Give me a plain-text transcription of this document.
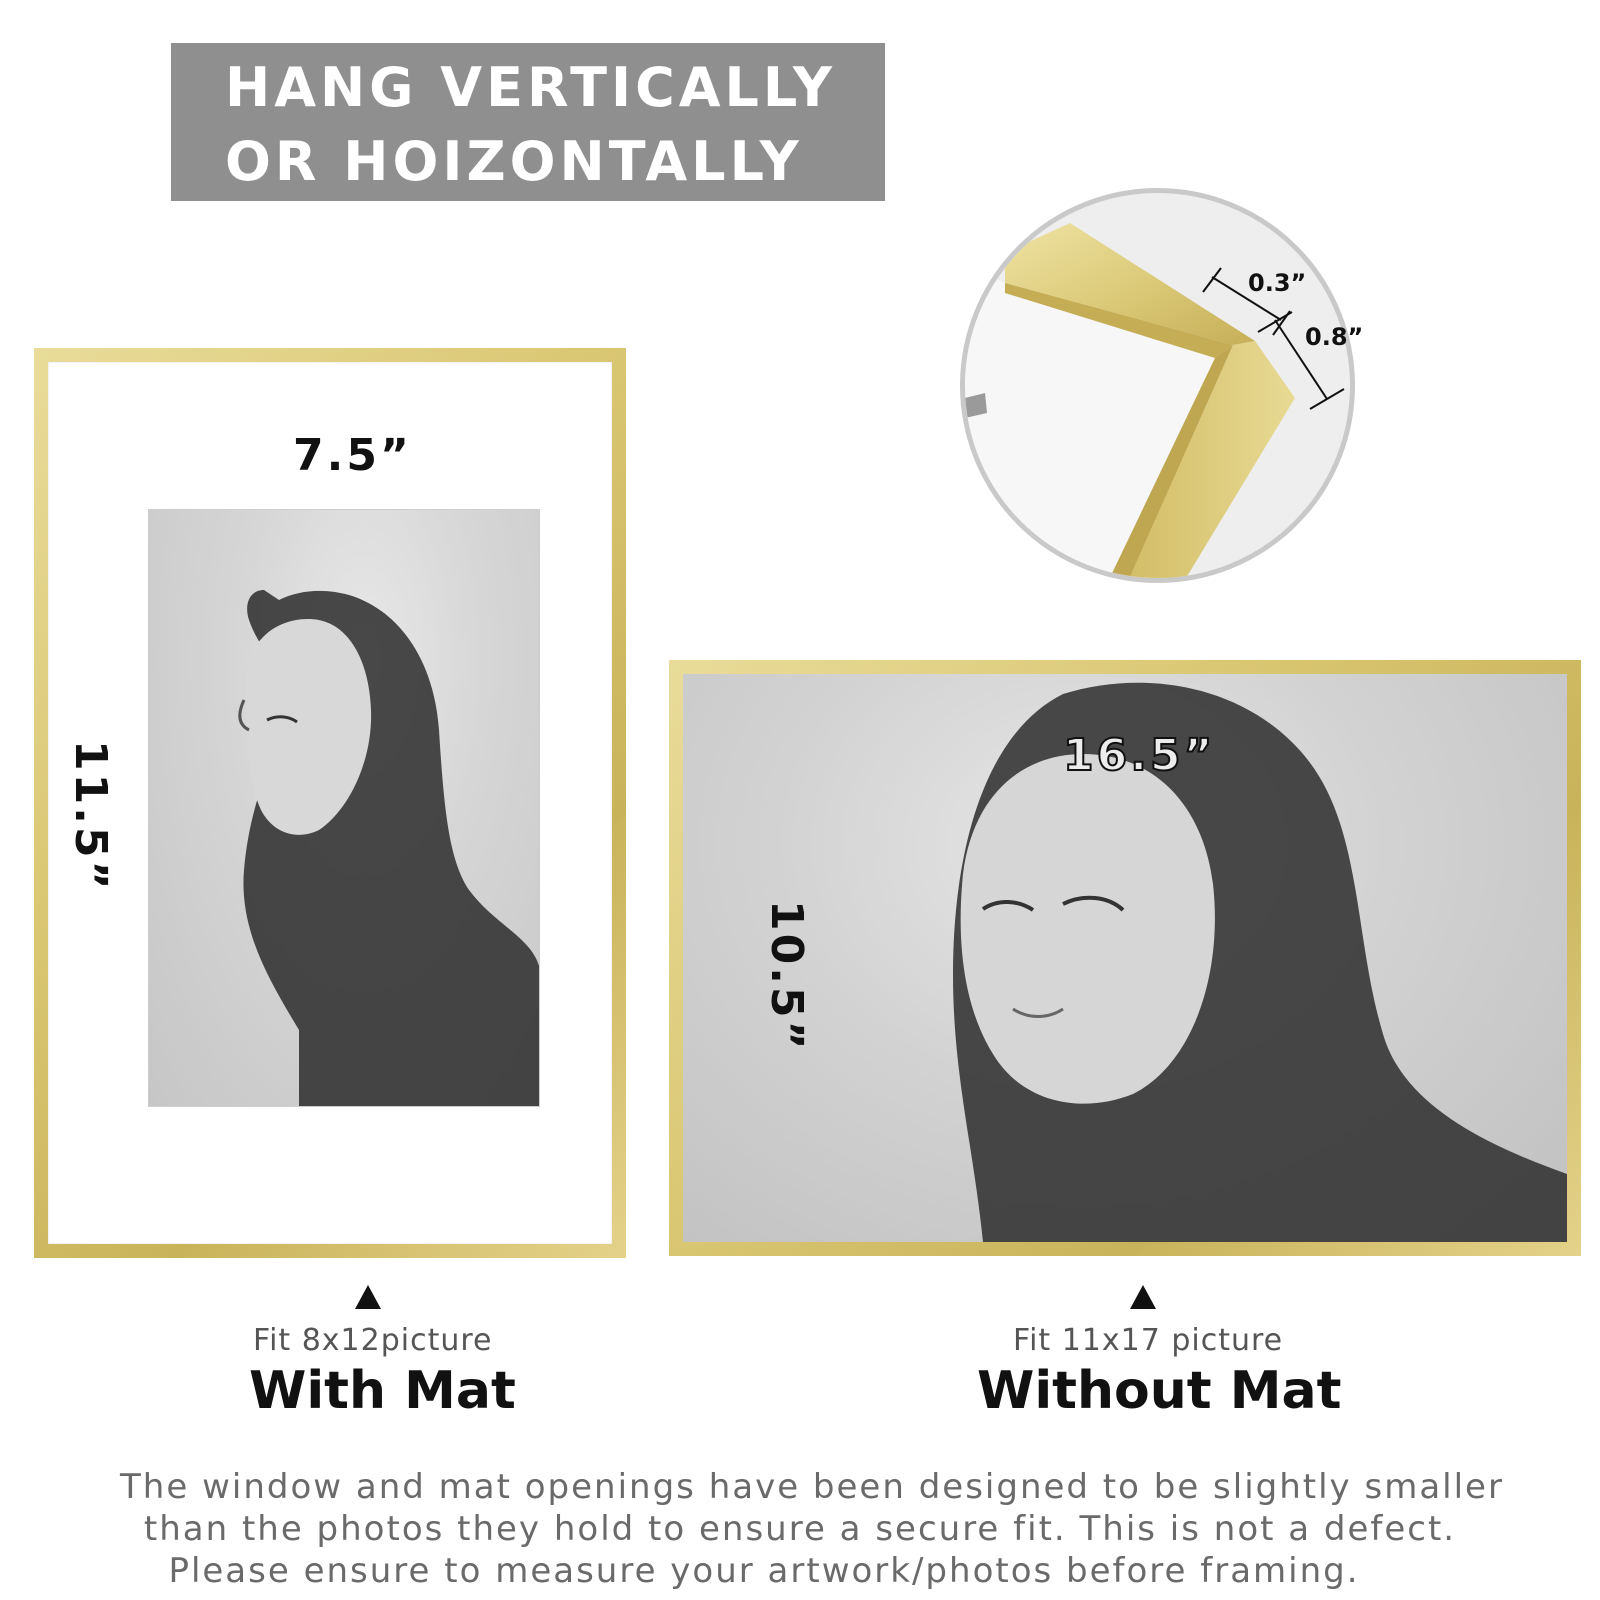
HANG VERTICALLY
OR HOIZONTALLY
0.3”
0.8”
7.5”
11.5”	16.5”
10.5”
Fit 8x12picture
With Mat
Fit 11x17 picture
Without Mat
The window and mat openings have been designed to be slightly smaller
than the photos they hold to ensure a secure fit. This is not a defect.
Please ensure to measure your artwork/photos before framing.
